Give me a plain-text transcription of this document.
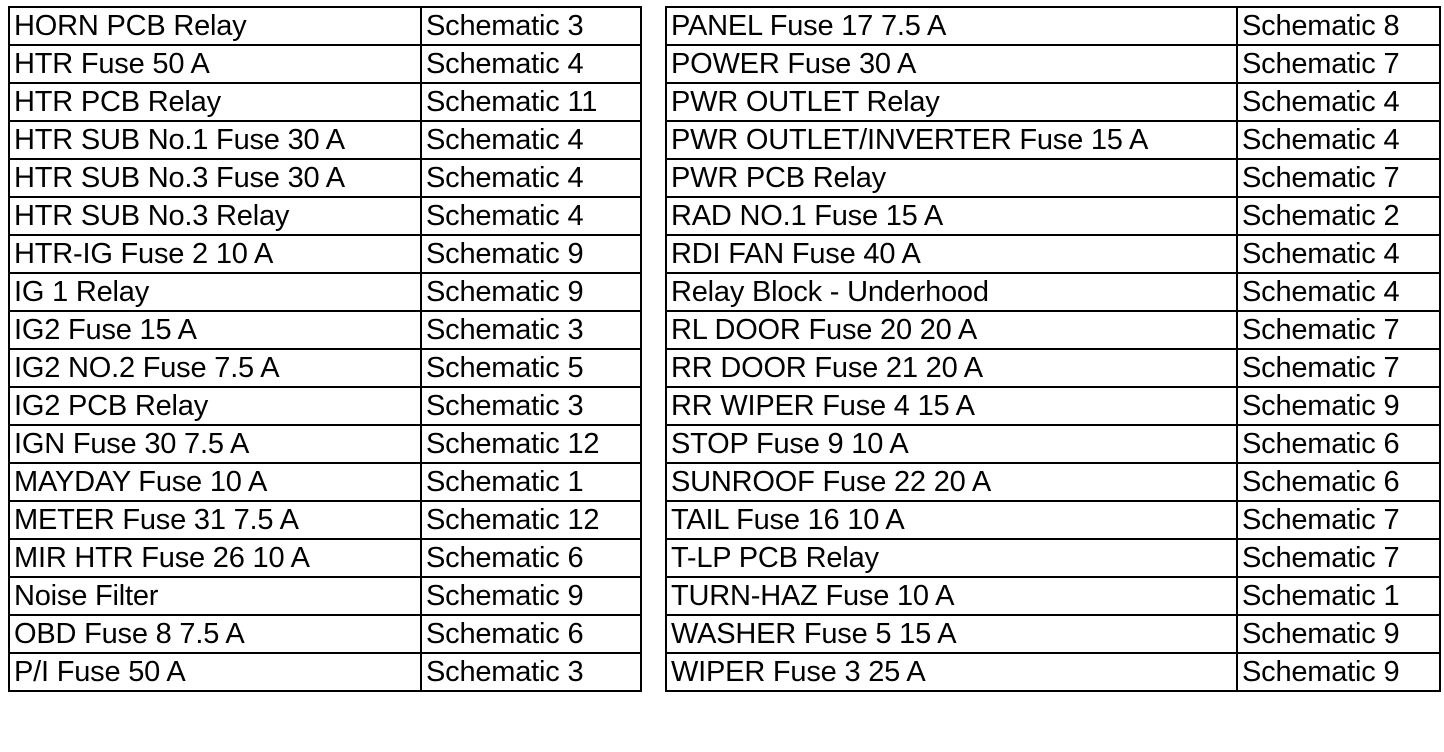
HORN PCB Relay	Schematic 3
HTR Fuse 50 A	Schematic 4
HTR PCB Relay	Schematic 11
HTR SUB No.1 Fuse 30 A	Schematic 4
HTR SUB No.3 Fuse 30 A	Schematic 4
HTR SUB No.3 Relay	Schematic 4
HTR-IG Fuse 2 10 A	Schematic 9
IG 1 Relay	Schematic 9
IG2 Fuse 15 A	Schematic 3
IG2 NO.2 Fuse 7.5 A	Schematic 5
IG2 PCB Relay	Schematic 3
IGN Fuse 30 7.5 A	Schematic 12
MAYDAY Fuse 10 A	Schematic 1
METER Fuse 31 7.5 A	Schematic 12
MIR HTR Fuse 26 10 A	Schematic 6
Noise Filter	Schematic 9
OBD Fuse 8 7.5 A	Schematic 6
P/I Fuse 50 A	Schematic 3
PANEL Fuse 17 7.5 A	Schematic 8
POWER Fuse 30 A	Schematic 7
PWR OUTLET Relay	Schematic 4
PWR OUTLET/INVERTER Fuse 15 A	Schematic 4
PWR PCB Relay	Schematic 7
RAD NO.1 Fuse 15 A	Schematic 2
RDI FAN Fuse 40 A	Schematic 4
Relay Block - Underhood	Schematic 4
RL DOOR Fuse 20 20 A	Schematic 7
RR DOOR Fuse 21 20 A	Schematic 7
RR WIPER Fuse 4 15 A	Schematic 9
STOP Fuse 9 10 A	Schematic 6
SUNROOF Fuse 22 20 A	Schematic 6
TAIL Fuse 16 10 A	Schematic 7
T-LP PCB Relay	Schematic 7
TURN-HAZ Fuse 10 A	Schematic 1
WASHER Fuse 5 15 A	Schematic 9
WIPER Fuse 3 25 A	Schematic 9
